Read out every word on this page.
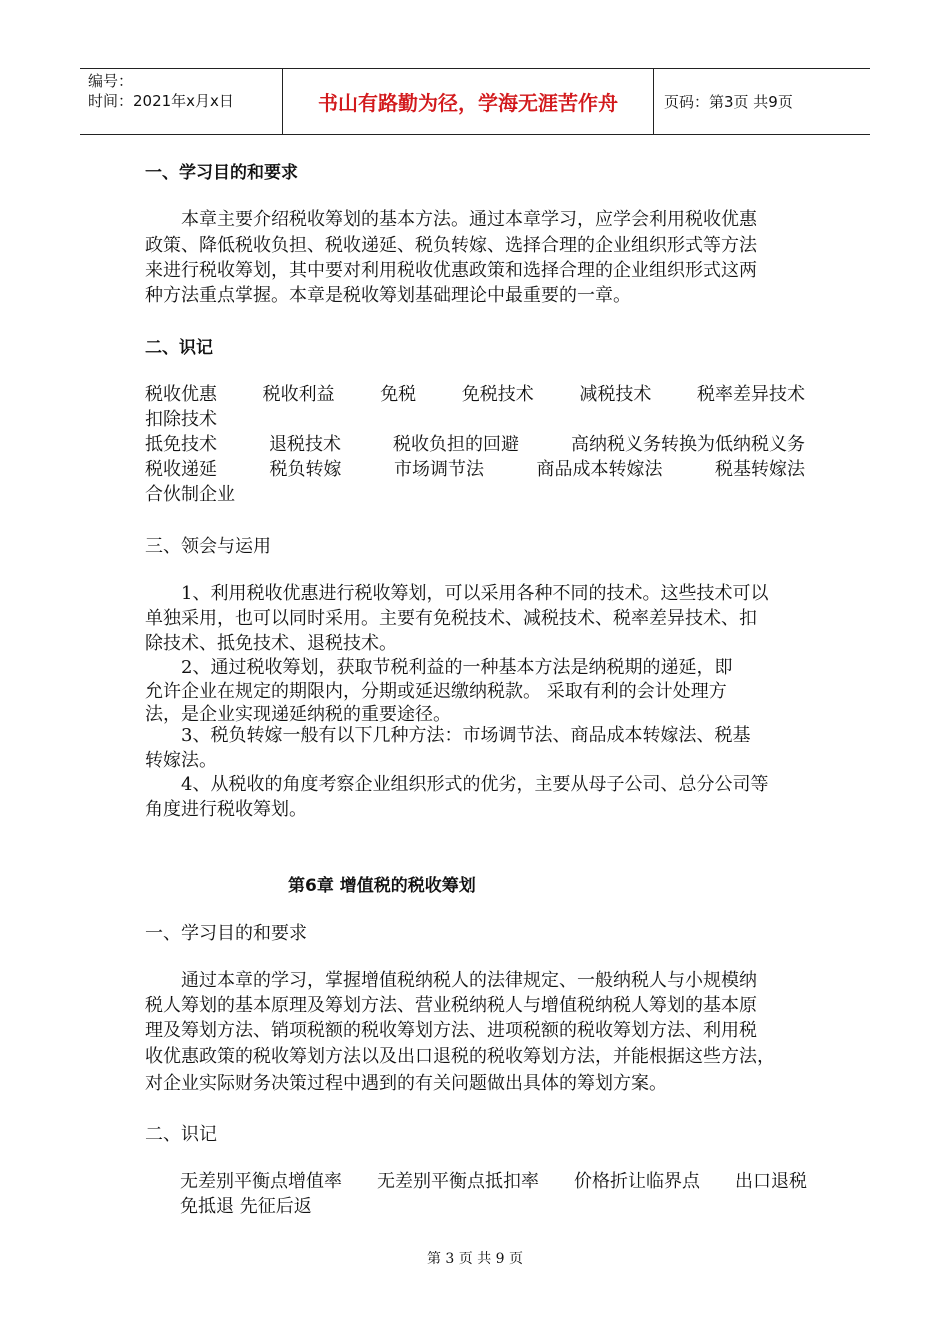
编号：
时间：2021年x月x日	书山有路勤为径，学海无涯苦作舟	页码：第3页 共9页
一、学习目的和要求
　　本章主要介绍税收筹划的基本方法。通过本章学习，应学会利用税收优惠
政策、降低税收负担、税收递延、税负转嫁、选择合理的企业组织形式等方法
来进行税收筹划，其中要对利用税收优惠政策和选择合理的企业组织形式这两
种方法重点掌握。本章是税收筹划基础理论中最重要的一章。
二、识记
税收优惠	税收利益	免税	免税技术	减税技术	税率差异技术
扣除技术
抵免技术	退税技术	税收负担的回避	高纳税义务转换为低纳税义务
税收递延	税负转嫁	市场调节法	商品成本转嫁法	税基转嫁法
合伙制企业
三、领会与运用
　　1、利用税收优惠进行税收筹划，可以采用各种不同的技术。这些技术可以
单独采用，也可以同时采用。主要有免税技术、减税技术、税率差异技术、扣
除技术、抵免技术、退税技术。
　　2、通过税收筹划，获取节税利益的一种基本方法是纳税期的递延，即
允许企业在规定的期限内，分期或延迟缴纳税款。 采取有利的会计处理方
法，是企业实现递延纳税的重要途径。
　　3、税负转嫁一般有以下几种方法：市场调节法、商品成本转嫁法、税基
转嫁法。
　　4、从税收的角度考察企业组织形式的优劣，主要从母子公司、总分公司等
角度进行税收筹划。
第6章 增值税的税收筹划
一、学习目的和要求
　　通过本章的学习，掌握增值税纳税人的法律规定、一般纳税人与小规模纳
税人筹划的基本原理及筹划方法、营业税纳税人与增值税纳税人筹划的基本原
理及筹划方法、销项税额的税收筹划方法、进项税额的税收筹划方法、利用税
收优惠政策的税收筹划方法以及出口退税的税收筹划方法，并能根据这些方法，
对企业实际财务决策过程中遇到的有关问题做出具体的筹划方案。
二、识记
无差别平衡点增值率 无差别平衡点抵扣率 价格折让临界点 出口退税
免抵退 先征后返
第 3 页 共 9 页
